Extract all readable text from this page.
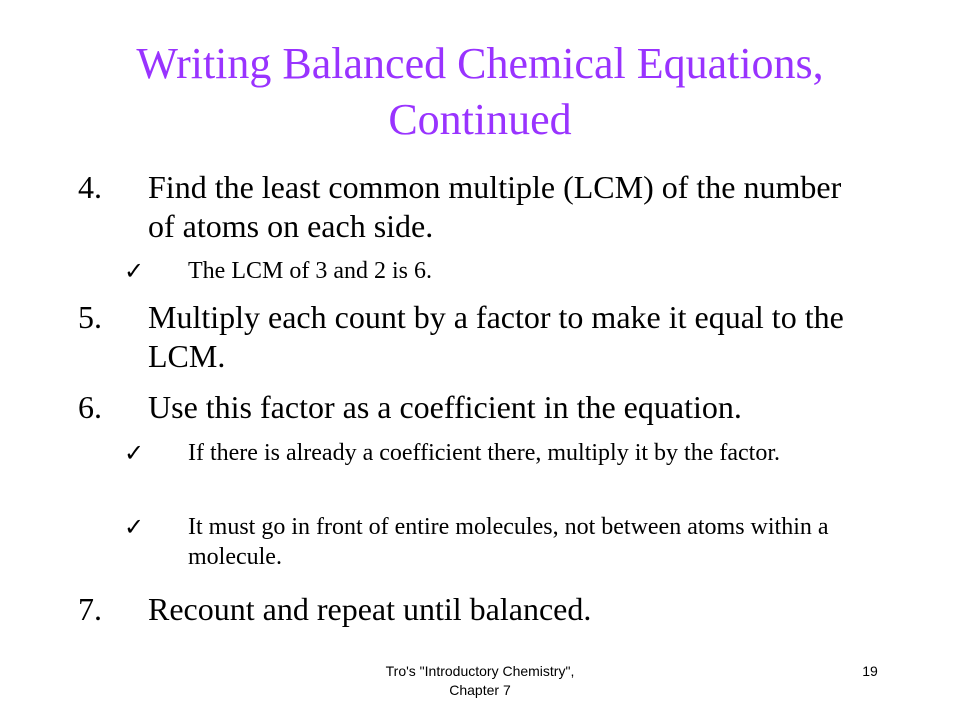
Writing Balanced Chemical Equations,
Continued
4. Find the least common multiple (LCM) of the number of atoms on each side.
✓ The LCM of 3 and 2 is 6.
5. Multiply each count by a factor to make it equal to the LCM.
6. Use this factor as a coefficient in the equation.
✓ If there is already a coefficient there, multiply it by the factor.
✓ It must go in front of entire molecules, not between atoms within a molecule.
7. Recount and repeat until balanced.
Tro's "Introductory Chemistry",
Chapter 7
19
